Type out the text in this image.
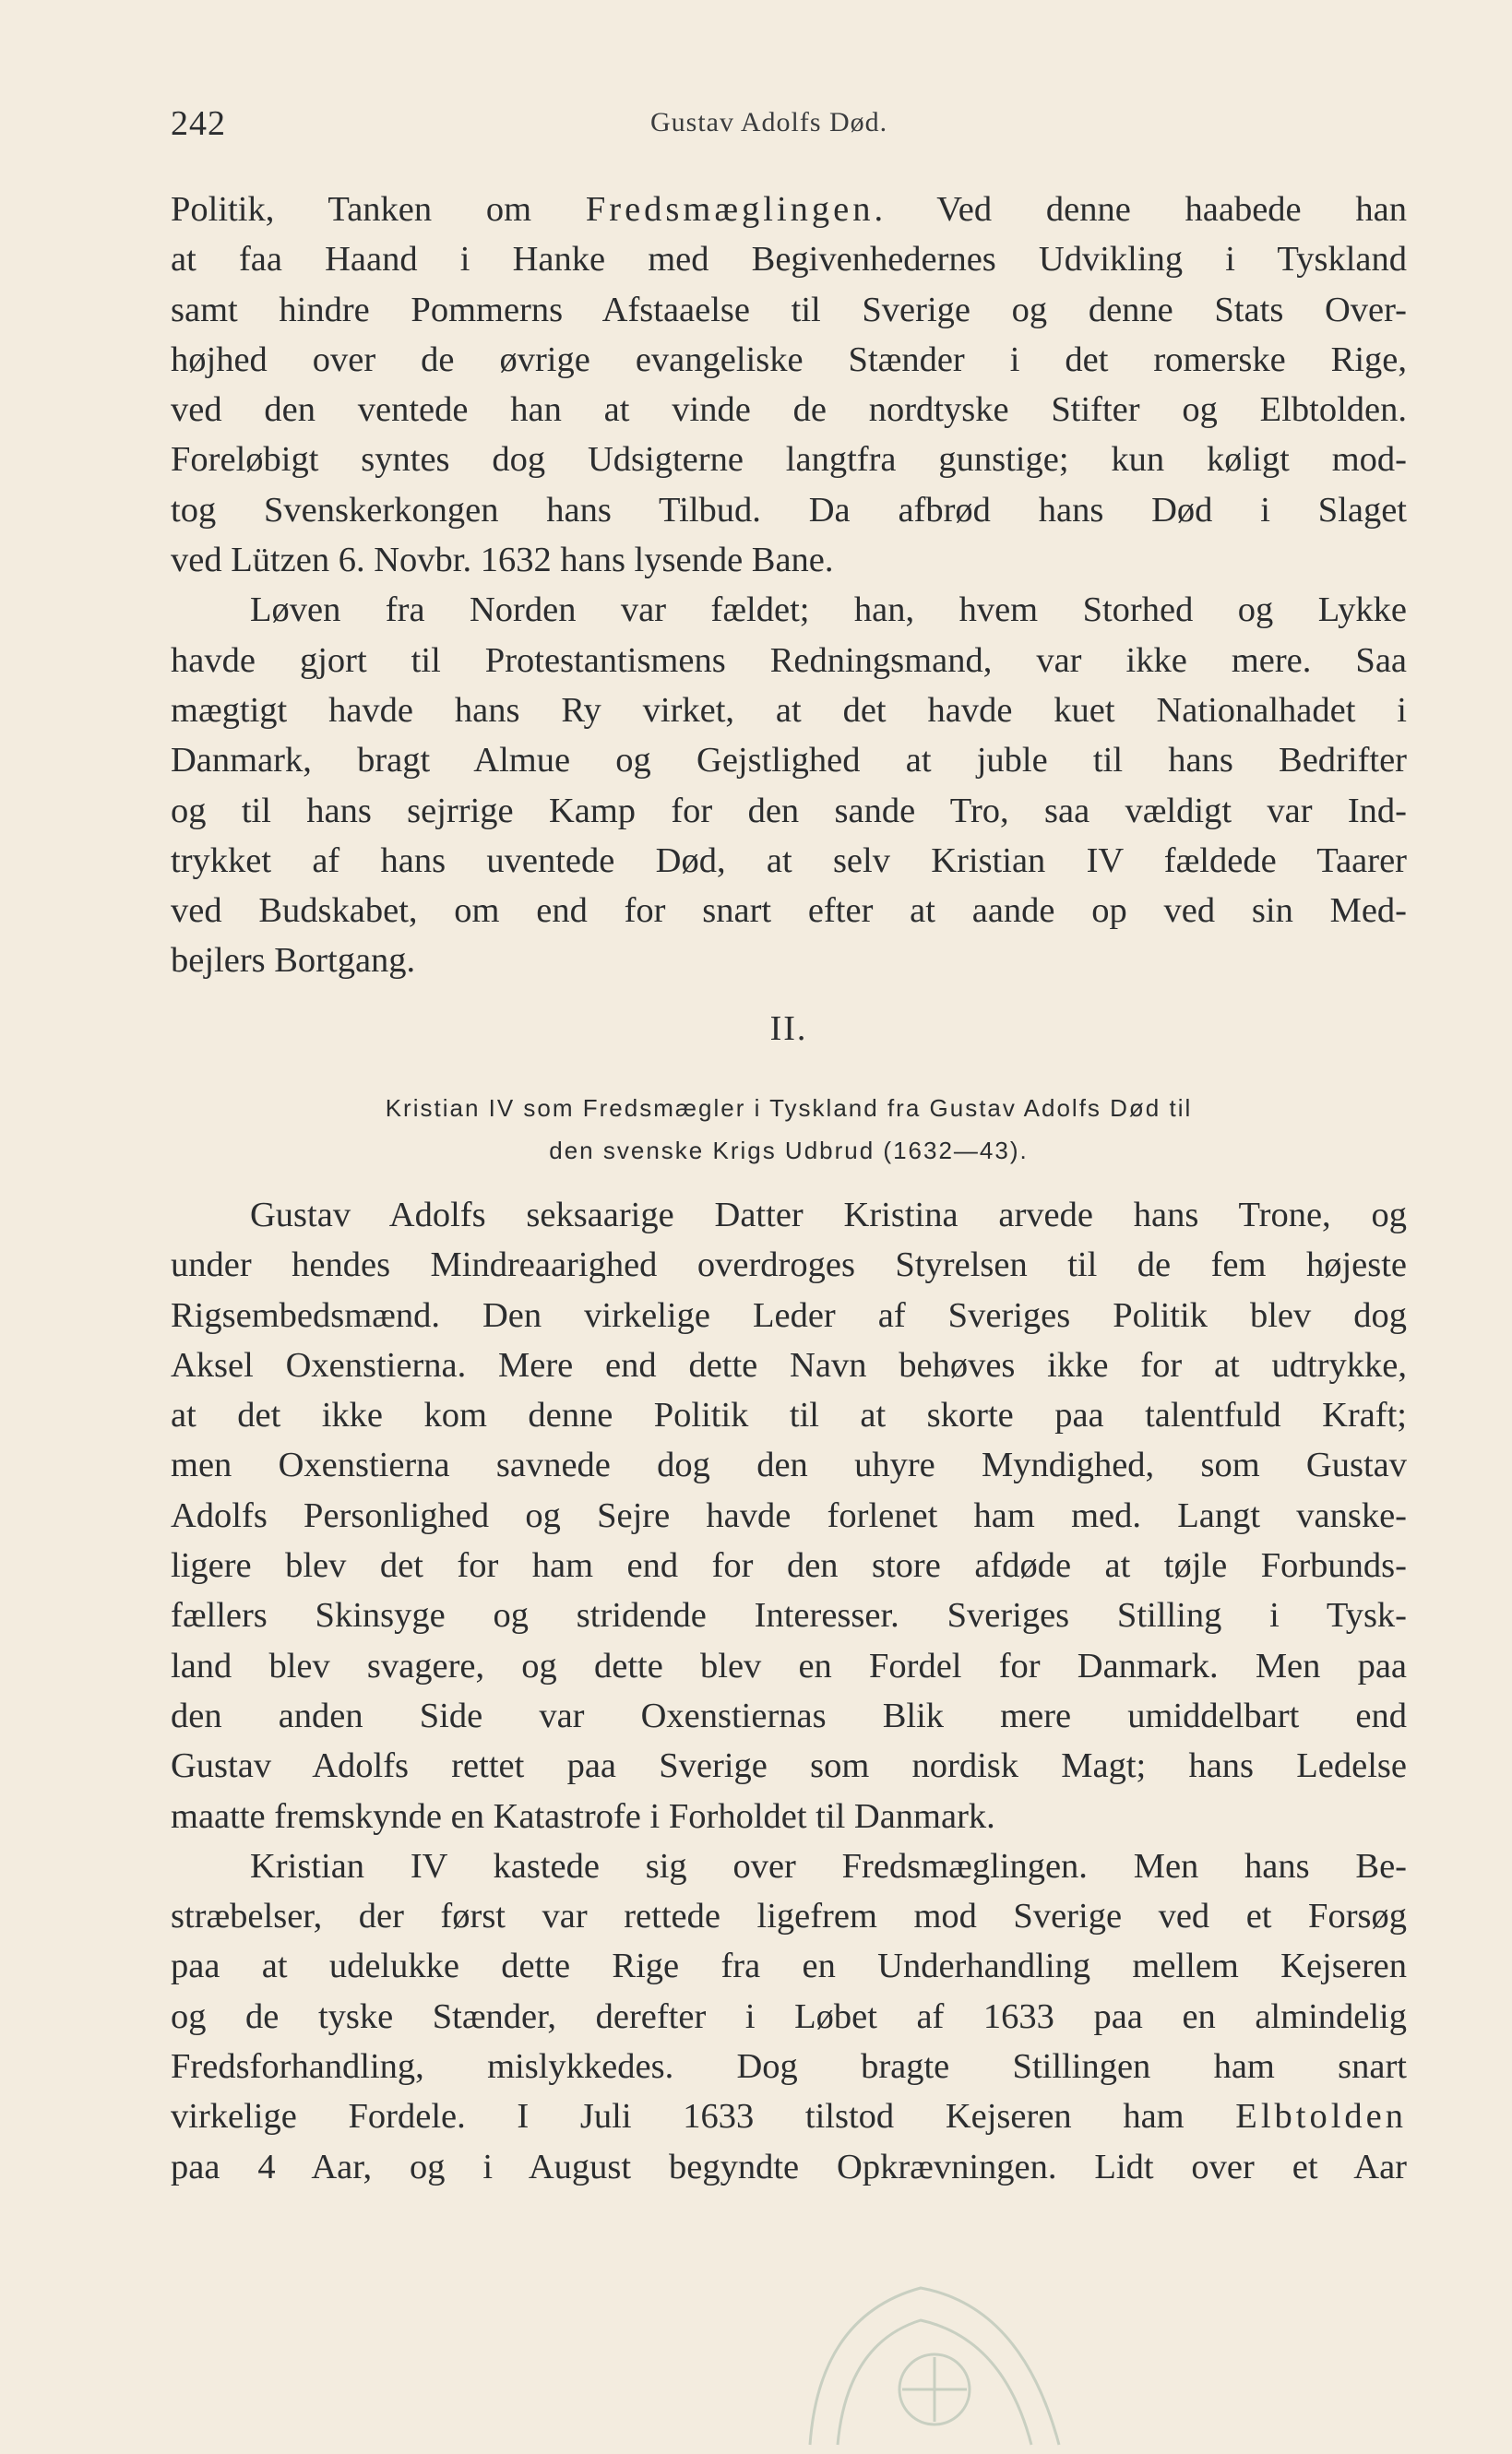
242	Gustav Adolfs Død.
Politik, Tanken om Fredsmæglingen. Ved denne haabede han
at faa Haand i Hanke med Begivenhedernes Udvikling i Tyskland
samt hindre Pommerns Afstaaelse til Sverige og denne Stats Over-
højhed over de øvrige evangeliske Stænder i det romerske Rige,
ved den ventede han at vinde de nordtyske Stifter og Elbtolden.
Foreløbigt syntes dog Udsigterne langtfra gunstige; kun køligt mod-
tog Svenskerkongen hans Tilbud. Da afbrød hans Død i Slaget
ved Lützen 6. Novbr. 1632 hans lysende Bane.
Løven fra Norden var fældet; han, hvem Storhed og Lykke
havde gjort til Protestantismens Redningsmand, var ikke mere. Saa
mægtigt havde hans Ry virket, at det havde kuet Nationalhadet i
Danmark, bragt Almue og Gejstlighed at juble til hans Bedrifter
og til hans sejrrige Kamp for den sande Tro, saa vældigt var Ind-
trykket af hans uventede Død, at selv Kristian IV fældede Taarer
ved Budskabet, om end for snart efter at aande op ved sin Med-
bejlers Bortgang.
II.
Kristian IV som Fredsmægler i Tyskland fra Gustav Adolfs Død til
den svenske Krigs Udbrud (1632—43).
Gustav Adolfs seksaarige Datter Kristina arvede hans Trone, og
under hendes Mindreaarighed overdroges Styrelsen til de fem højeste
Rigsembedsmænd. Den virkelige Leder af Sveriges Politik blev dog
Aksel Oxenstierna. Mere end dette Navn behøves ikke for at udtrykke,
at det ikke kom denne Politik til at skorte paa talentfuld Kraft;
men Oxenstierna savnede dog den uhyre Myndighed, som Gustav
Adolfs Personlighed og Sejre havde forlenet ham med. Langt vanske-
ligere blev det for ham end for den store afdøde at tøjle Forbunds-
fællers Skinsyge og stridende Interesser. Sveriges Stilling i Tysk-
land blev svagere, og dette blev en Fordel for Danmark. Men paa
den anden Side var Oxenstiernas Blik mere umiddelbart end
Gustav Adolfs rettet paa Sverige som nordisk Magt; hans Ledelse
maatte fremskynde en Katastrofe i Forholdet til Danmark.
Kristian IV kastede sig over Fredsmæglingen. Men hans Be-
stræbelser, der først var rettede ligefrem mod Sverige ved et Forsøg
paa at udelukke dette Rige fra en Underhandling mellem Kejseren
og de tyske Stænder, derefter i Løbet af 1633 paa en almindelig
Fredsforhandling, mislykkedes. Dog bragte Stillingen ham snart
virkelige Fordele. I Juli 1633 tilstod Kejseren ham Elbtolden
paa 4 Aar, og i August begyndte Opkrævningen. Lidt over et Aar
